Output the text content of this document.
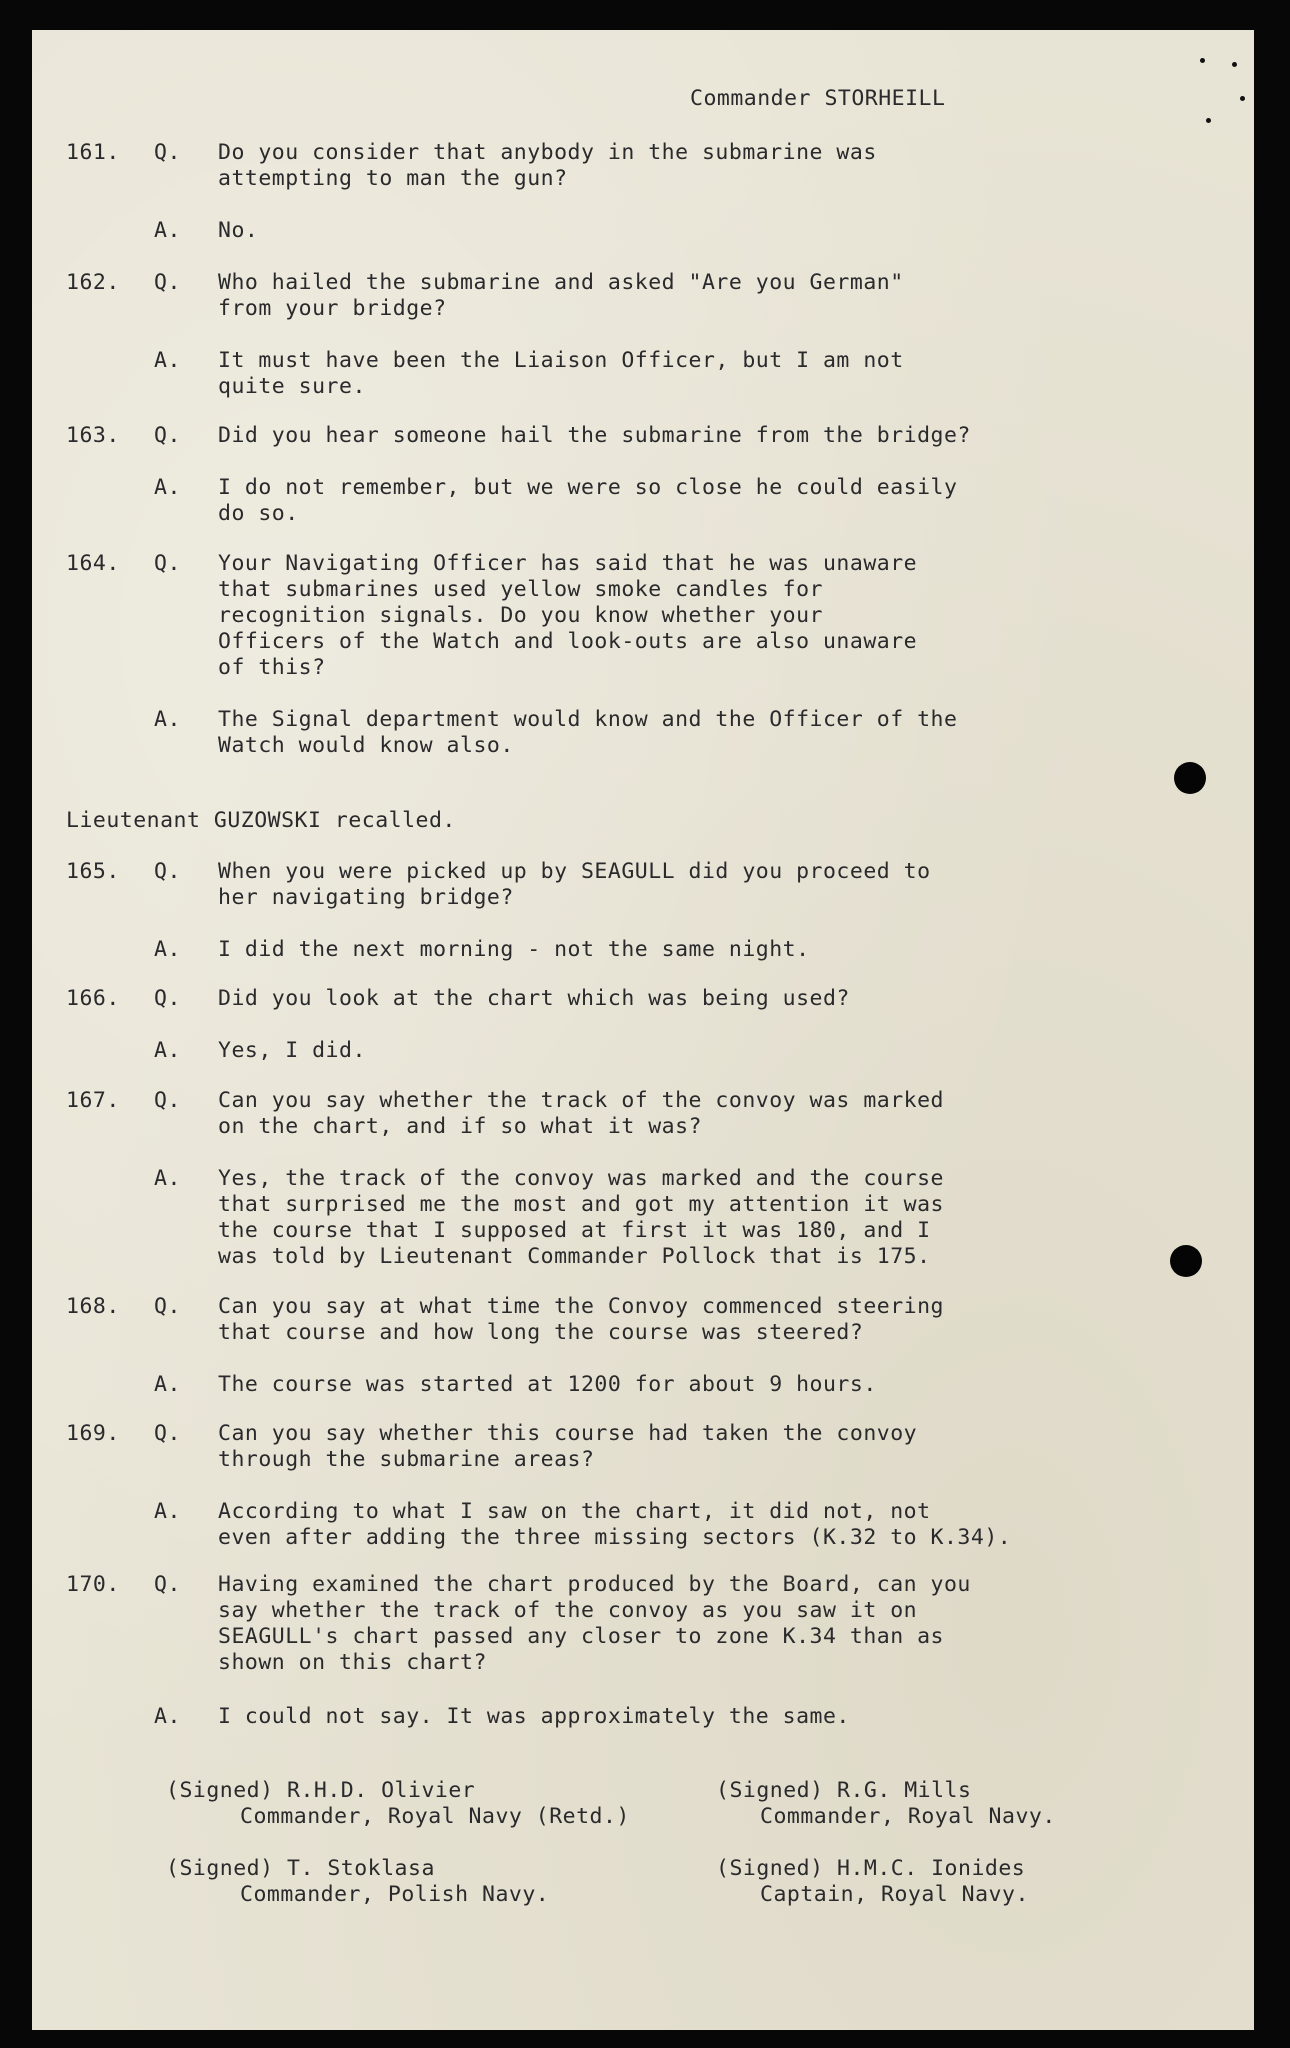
Commander STORHEILL
161. Q. Do you consider that anybody in the submarine was
attempting to man the gun?
A. No.
162. Q. Who hailed the submarine and asked "Are you German"
from your bridge?
A. It must have been the Liaison Officer, but I am not
quite sure.
163. Q. Did you hear someone hail the submarine from the bridge?
A. I do not remember, but we were so close he could easily
do so.
164. Q. Your Navigating Officer has said that he was unaware
that submarines used yellow smoke candles for
recognition signals. Do you know whether your
Officers of the Watch and look-outs are also unaware
of this?
A. The Signal department would know and the Officer of the
Watch would know also.
165. Q. When you were picked up by SEAGULL did you proceed to
her navigating bridge?
A. I did the next morning - not the same night.
166. Q. Did you look at the chart which was being used?
A. Yes, I did.
167. Q. Can you say whether the track of the convoy was marked
on the chart, and if so what it was?
A. Yes, the track of the convoy was marked and the course
that surprised me the most and got my attention it was
the course that I supposed at first it was 180, and I
was told by Lieutenant Commander Pollock that is 175.
168. Q. Can you say at what time the Convoy commenced steering
that course and how long the course was steered?
A. The course was started at 1200 for about 9 hours.
169. Q. Can you say whether this course had taken the convoy
through the submarine areas?
A. According to what I saw on the chart, it did not, not
even after adding the three missing sectors (K.32 to K.34).
170. Q. Having examined the chart produced by the Board, can you
say whether the track of the convoy as you saw it on
SEAGULL's chart passed any closer to zone K.34 than as
shown on this chart?
A. I could not say. It was approximately the same.
Lieutenant GUZOWSKI recalled.
(Signed) R.H.D. Olivier
Commander, Royal Navy (Retd.)
(Signed) R.G. Mills
Commander, Royal Navy.
(Signed) T. Stoklasa
Commander, Polish Navy.
(Signed) H.M.C. Ionides
Captain, Royal Navy.
